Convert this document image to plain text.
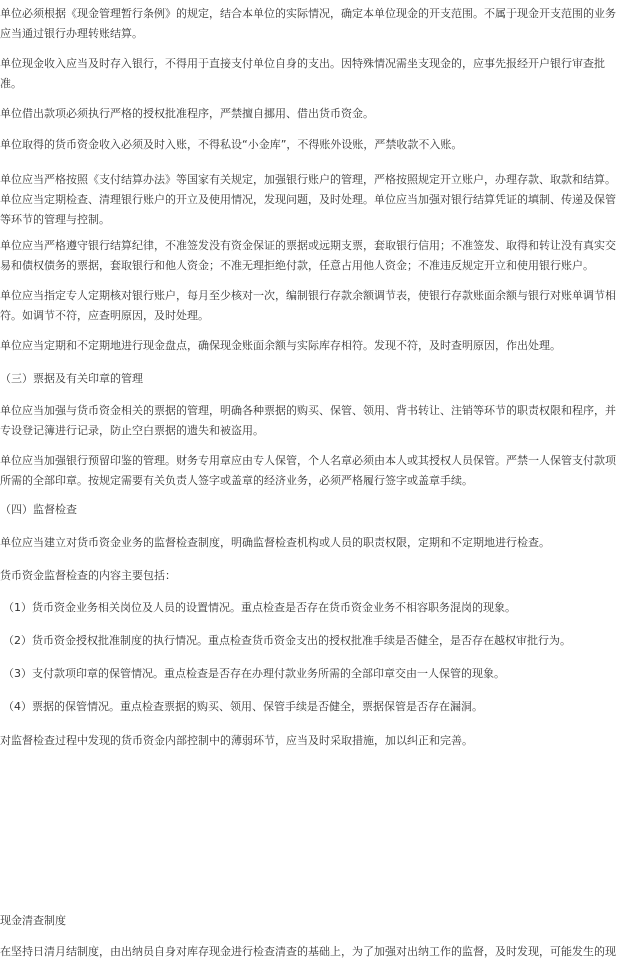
单位必须根据《现金管理暂行条例》的规定，结合本单位的实际情况，确定本单位现金的开支范围。不属于现金开支范围的业务应当通过银行办理转账结算。

单位现金收入应当及时存入银行，不得用于直接支付单位自身的支出。因特殊情况需坐支现金的，应事先报经开户银行审查批准。

单位借出款项必须执行严格的授权批准程序，严禁擅自挪用、借出货币资金。

单位取得的货币资金收入必须及时入账，不得私设“小金库”，不得账外设账，严禁收款不入账。

单位应当严格按照《支付结算办法》等国家有关规定，加强银行账户的管理，严格按照规定开立账户，办理存款、取款和结算。单位应当定期检查、清理银行账户的开立及使用情况，发现问题，及时处理。单位应当加强对银行结算凭证的填制、传递及保管等环节的管理与控制。

单位应当严格遵守银行结算纪律，不准签发没有资金保证的票据或远期支票，套取银行信用；不准签发、取得和转让没有真实交易和债权债务的票据，套取银行和他人资金；不准无理拒绝付款，任意占用他人资金；不准违反规定开立和使用银行账户。

单位应当指定专人定期核对银行账户，每月至少核对一次，编制银行存款余额调节表，使银行存款账面余额与银行对账单调节相符。如调节不符，应查明原因，及时处理。

单位应当定期和不定期地进行现金盘点，确保现金账面余额与实际库存相符。发现不符，及时查明原因，作出处理。

（三）票据及有关印章的管理

单位应当加强与货币资金相关的票据的管理，明确各种票据的购买、保管、领用、背书转让、注销等环节的职责权限和程序，并专设登记簿进行记录，防止空白票据的遗失和被盗用。

单位应当加强银行预留印鉴的管理。财务专用章应由专人保管，个人名章必须由本人或其授权人员保管。严禁一人保管支付款项所需的全部印章。按规定需要有关负责人签字或盖章的经济业务，必须严格履行签字或盖章手续。

（四）监督检查

单位应当建立对货币资金业务的监督检查制度，明确监督检查机构或人员的职责权限，定期和不定期地进行检查。

货币资金监督检查的内容主要包括：

（1）货币资金业务相关岗位及人员的设置情况。重点检查是否存在货币资金业务不相容职务混岗的现象。

（2）货币资金授权批准制度的执行情况。重点检查货币资金支出的授权批准手续是否健全，是否存在越权审批行为。

（3）支付款项印章的保管情况。重点检查是否存在办理付款业务所需的全部印章交由一人保管的现象。

（4）票据的保管情况。重点检查票据的购买、领用、保管手续是否健全，票据保管是否存在漏洞。

对监督检查过程中发现的货币资金内部控制中的薄弱环节，应当及时采取措施，加以纠正和完善。

现金清查制度

在坚持日清月结制度，由出纳员自身对库存现金进行检查清查的基础上，为了加强对出纳工作的监督，及时发现，可能发生的现
